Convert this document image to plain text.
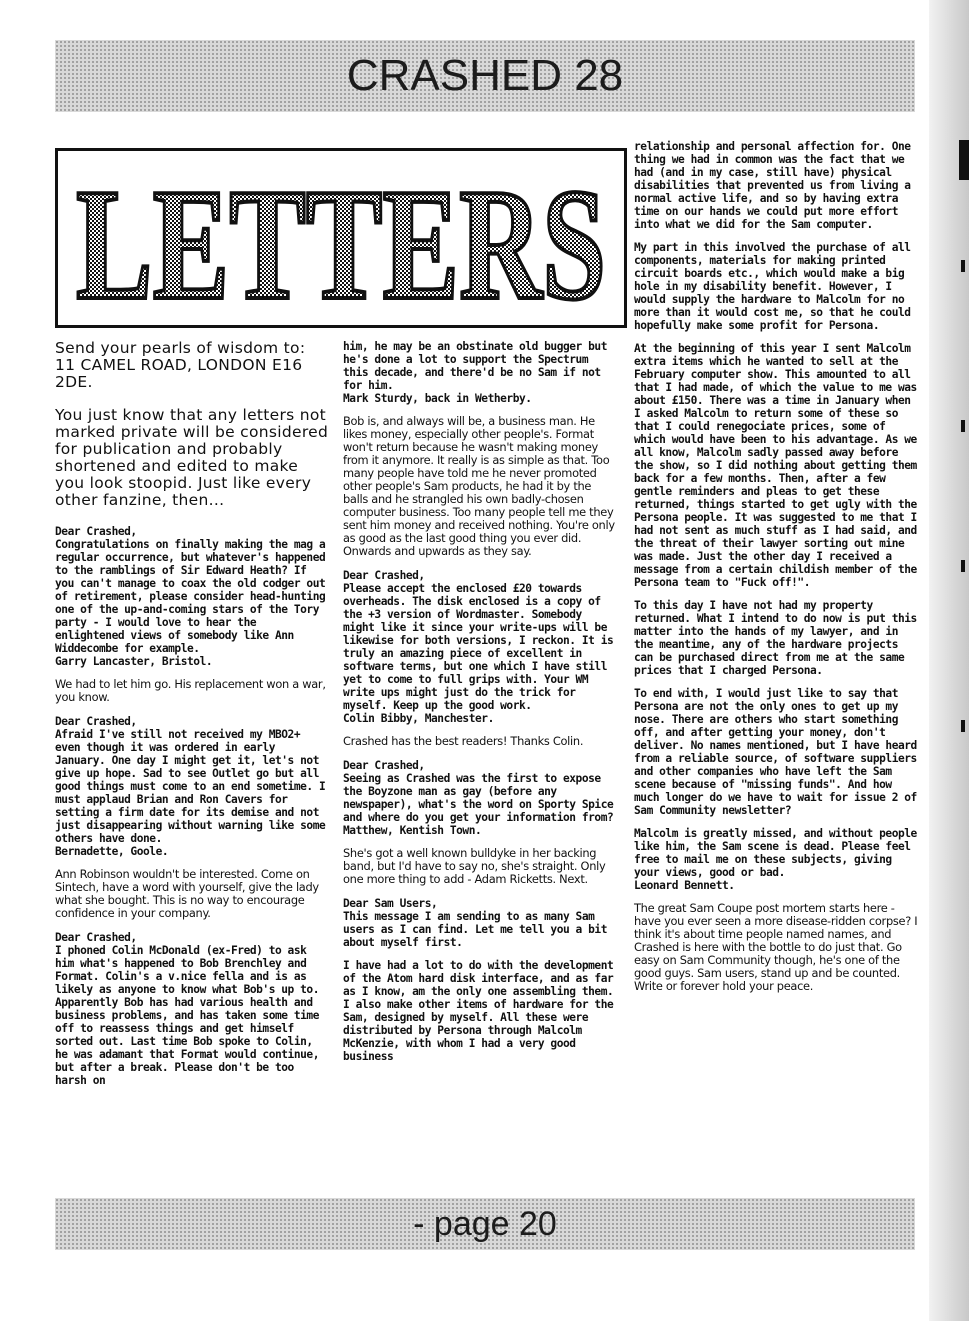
CRASHED 28
LETTERS

Send your pearls of wisdom to: 11 CAMEL ROAD, LONDON E16 2DE.

You just know that any letters not marked private will be considered for publication and probably shortened and edited to make you look stoopid. Just like every other fanzine, then...

Dear Crashed,
Congratulations on finally making the mag a regular occurrence, but whatever's happened to the ramblings of Sir Edward Heath? If you can't manage to coax the old codger out of retirement, please consider head-hunting one of the up-and-coming stars of the Tory party - I would love to hear the enlightened views of somebody like Ann Widdecombe for example.
Garry Lancaster, Bristol.

We had to let him go. His replacement won a war, you know.

Dear Crashed,
Afraid I've still not received my MBO2+ even though it was ordered in early January. One day I might get it, let's not give up hope. Sad to see Outlet go but all good things must come to an end sometime. I must applaud Brian and Ron Cavers for setting a firm date for its demise and not just disappearing without warning like some others have done.
Bernadette, Goole.

Ann Robinson wouldn't be interested. Come on Sintech, have a word with yourself, give the lady what she bought. This is no way to encourage confidence in your company.

Dear Crashed,
I phoned Colin McDonald (ex-Fred) to ask him what's happened to Bob Brenchley and Format. Colin's a v.nice fella and is as likely as anyone to know what Bob's up to. Apparently Bob has had various health and business problems, and has taken some time off to reassess things and get himself sorted out. Last time Bob spoke to Colin, he was adamant that Format would continue, but after a break. Please don't be too harsh on

him, he may be an obstinate old bugger but he's done a lot to support the Spectrum this decade, and there'd be no Sam if not for him.
Mark Sturdy, back in Wetherby.

Bob is, and always will be, a business man. He likes money, especially other people's. Format won't return because he wasn't making money from it anymore. It really is as simple as that. Too many people have told me he never promoted other people's Sam products, he had it by the balls and he strangled his own badly-chosen computer business. Too many people tell me they sent him money and received nothing. You're only as good as the last good thing you ever did. Onwards and upwards as they say.

Dear Crashed,
Please accept the enclosed £20 towards overheads. The disk enclosed is a copy of the +3 version of Wordmaster. Somebody might like it since your write-ups will be likewise for both versions, I reckon. It is truly an amazing piece of excellent in software terms, but one which I have still yet to come to full grips with. Your WM write ups might just do the trick for myself. Keep up the good work.
Colin Bibby, Manchester.

Crashed has the best readers! Thanks Colin.

Dear Crashed,
Seeing as Crashed was the first to expose the Boyzone man as gay (before any newspaper), what's the word on Sporty Spice and where do you get your information from?
Matthew, Kentish Town.

She's got a well known bulldyke in her backing band, but I'd have to say no, she's straight. Only one more thing to add - Adam Ricketts. Next.

Dear Sam Users,
This message I am sending to as many Sam users as I can find. Let me tell you a bit about myself first.

I have had a lot to do with the development of the Atom hard disk interface, and as far as I know, am the only one assembling them. I also make other items of hardware for the Sam, designed by myself. All these were distributed by Persona through Malcolm McKenzie, with whom I had a very good business

relationship and personal affection for. One thing we had in common was the fact that we had (and in my case, still have) physical disabilities that prevented us from living a normal active life, and so by having extra time on our hands we could put more effort into what we did for the Sam computer.

My part in this involved the purchase of all components, materials for making printed circuit boards etc., which would make a big hole in my disability benefit. However, I would supply the hardware to Malcolm for no more than it would cost me, so that he could hopefully make some profit for Persona.

At the beginning of this year I sent Malcolm extra items which he wanted to sell at the February computer show. This amounted to all that I had made, of which the value to me was about £150. There was a time in January when I asked Malcolm to return some of these so that I could renegociate prices, some of which would have been to his advantage. As we all know, Malcolm sadly passed away before the show, so I did nothing about getting them back for a few months. Then, after a few gentle reminders and pleas to get these returned, things started to get ugly with the Persona people. It was suggested to me that I had not sent as much stuff as I had said, and the threat of their lawyer sorting out mine was made. Just the other day I received a message from a certain childish member of the Persona team to "Fuck off!".

To this day I have not had my property returned. What I intend to do now is put this matter into the hands of my lawyer, and in the meantime, any of the hardware projects can be purchased direct from me at the same prices that I charged Persona.

To end with, I would just like to say that Persona are not the only ones to get up my nose. There are others who start something off, and after getting your money, don't deliver. No names mentioned, but I have heard from a reliable source, of software suppliers and other companies who have left the Sam scene because of "missing funds". And how much longer do we have to wait for issue 2 of Sam Community newsletter?

Malcolm is greatly missed, and without people like him, the Sam scene is dead. Please feel free to mail me on these subjects, giving your views, good or bad.
Leonard Bennett.

The great Sam Coupe post mortem starts here - have you ever seen a more disease-ridden corpse? I think it's about time people named names, and Crashed is here with the bottle to do just that. Go easy on Sam Community though, he's one of the good guys. Sam users, stand up and be counted. Write or forever hold your peace.

- page 20
